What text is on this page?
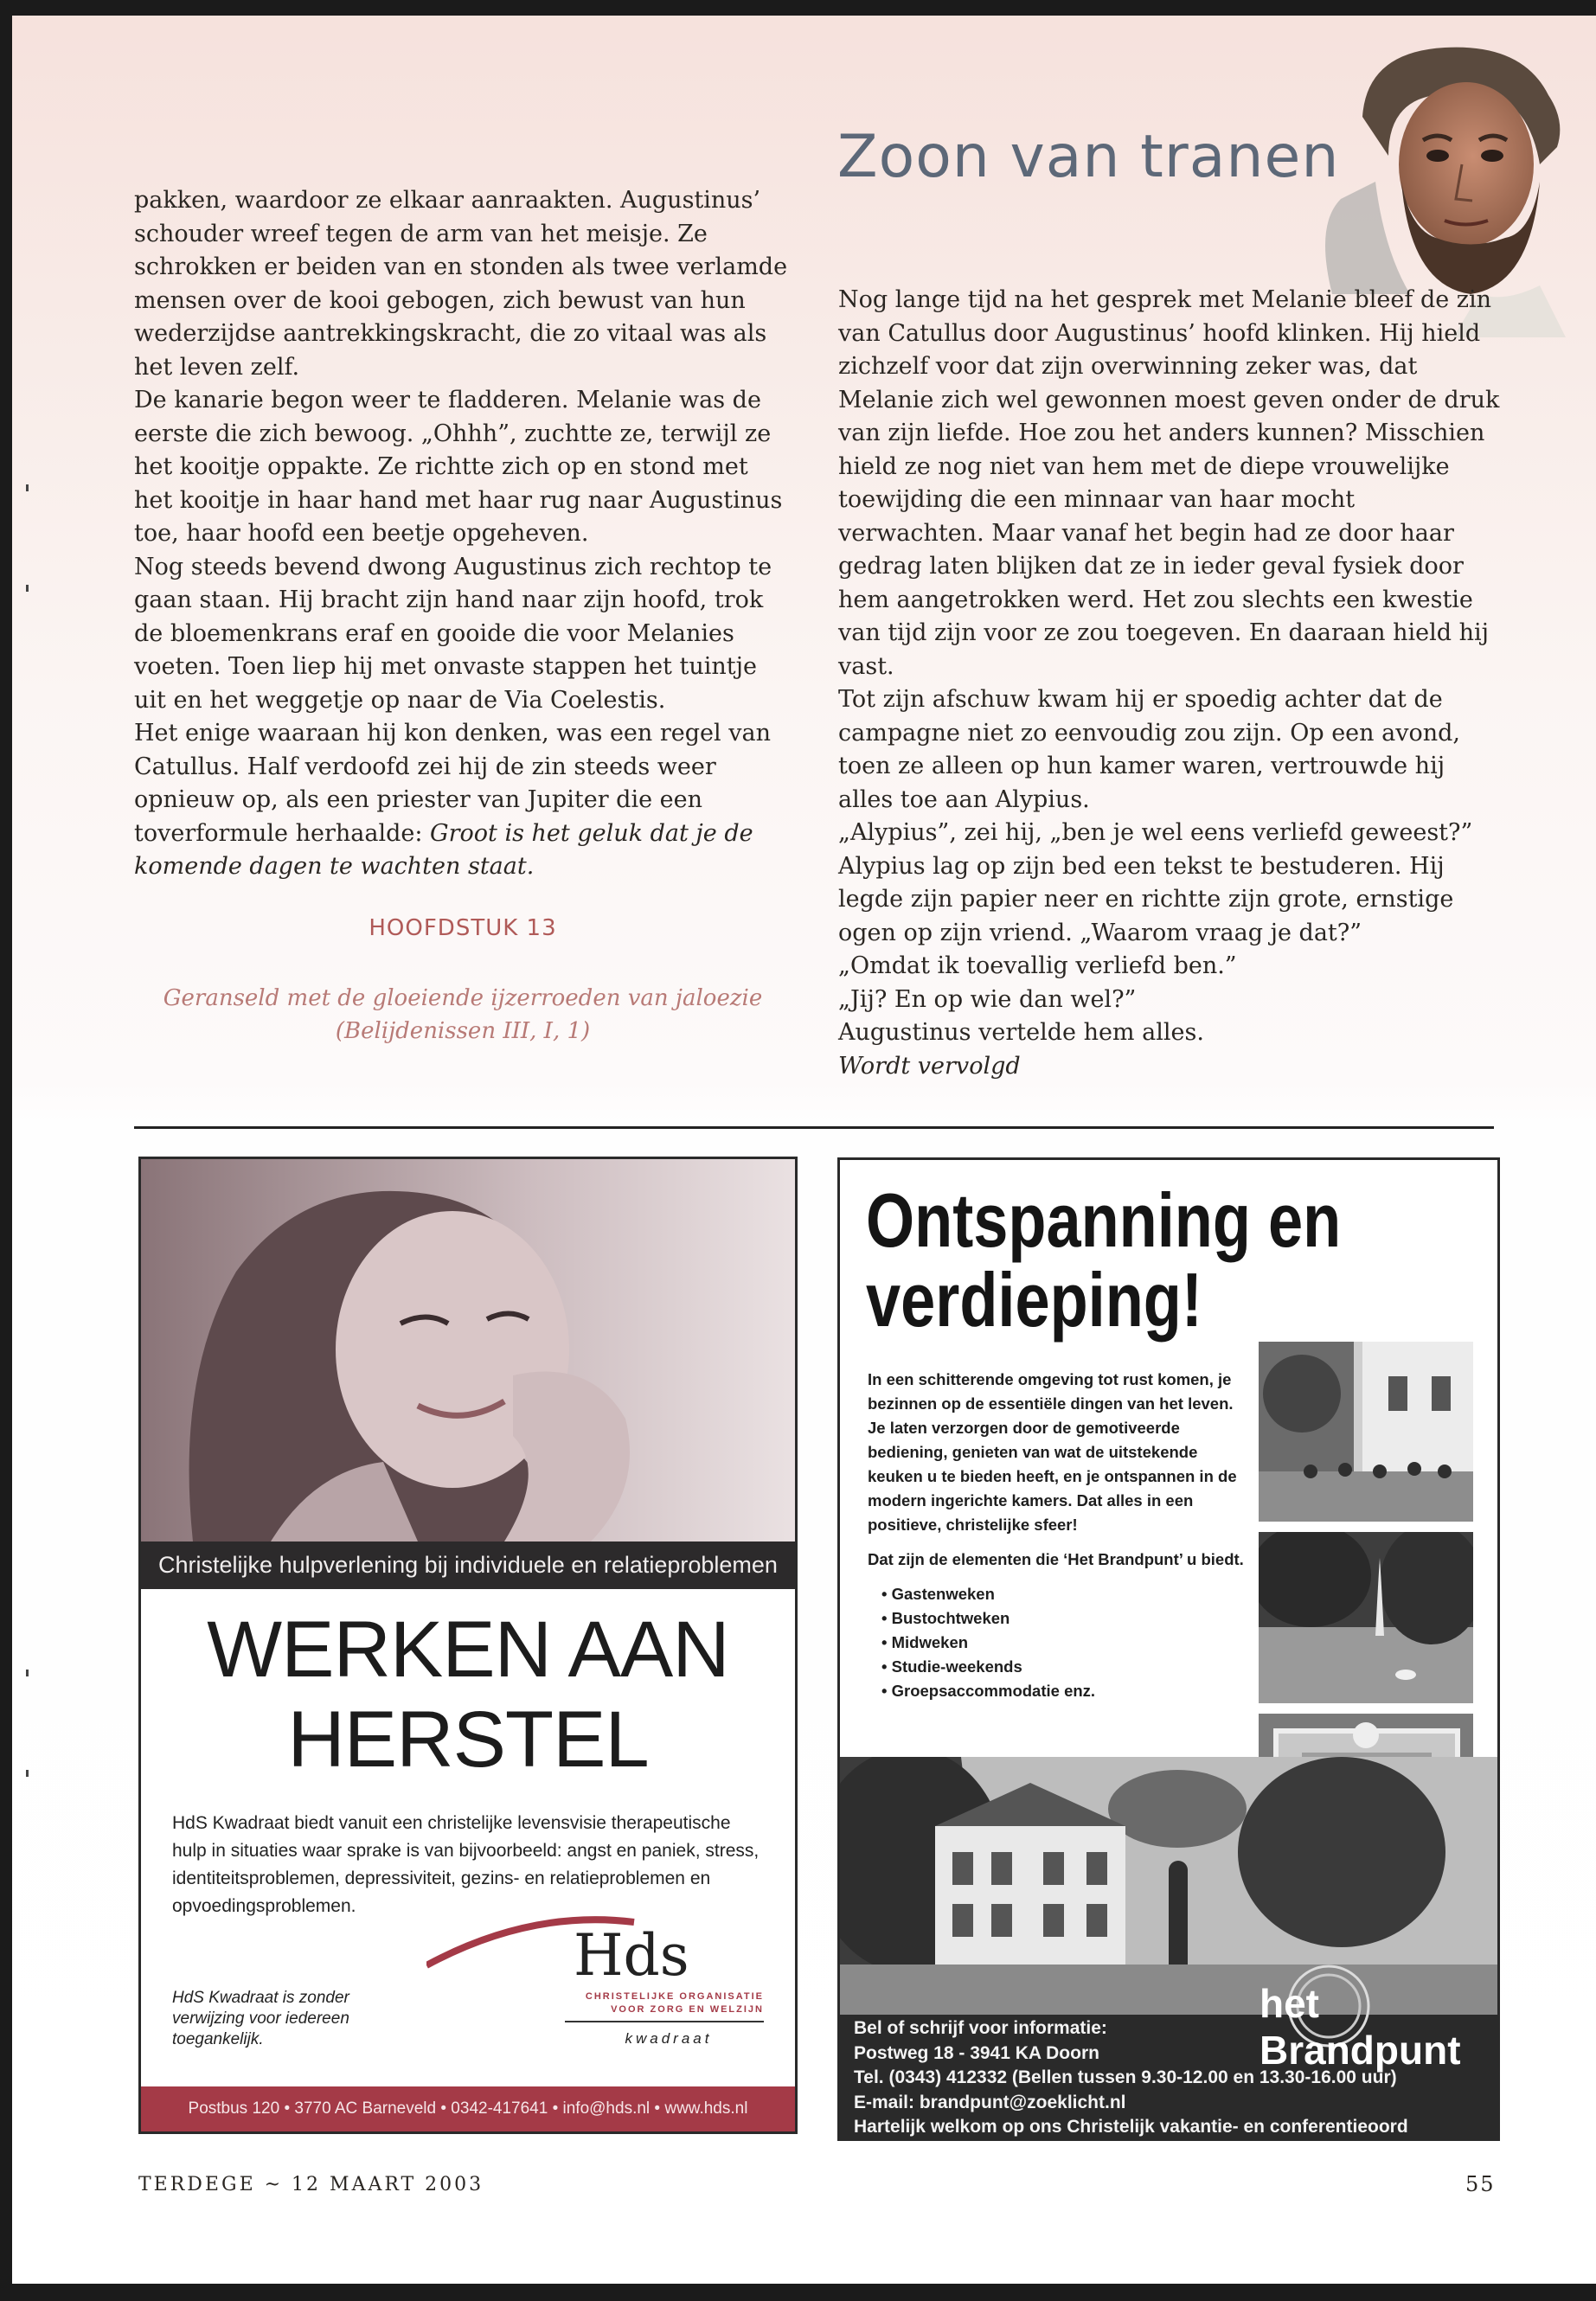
Zoon van tranen

pakken, waardoor ze elkaar aanraakten. Augustinus’ schouder wreef tegen de arm van het meisje. Ze schrokken er beiden van en stonden als twee verlamde mensen over de kooi gebogen, zich bewust van hun wederzijdse aantrekkingskracht, die zo vitaal was als het leven zelf.

De kanarie begon weer te fladderen. Melanie was de eerste die zich bewoog. „Ohhh”, zuchtte ze, terwijl ze het kooitje oppakte. Ze richtte zich op en stond met het kooitje in haar hand met haar rug naar Augustinus toe, haar hoofd een beetje opgeheven.

Nog steeds bevend dwong Augustinus zich rechtop te gaan staan. Hij bracht zijn hand naar zijn hoofd, trok de bloemenkrans eraf en gooide die voor Melanies voeten. Toen liep hij met onvaste stappen het tuintje uit en het weggetje op naar de Via Coelestis.

Het enige waaraan hij kon denken, was een regel van Catullus. Half verdoofd zei hij de zin steeds weer opnieuw op, als een priester van Jupiter die een toverformule herhaalde: Groot is het geluk dat je de komende dagen te wachten staat.

HOOFDSTUK 13
Geranseld met de gloeiende ijzerroeden van jaloezie
(Belijdenissen III, I, 1)

Nog lange tijd na het gesprek met Melanie bleef de zin van Catullus door Augustinus’ hoofd klinken. Hij hield zichzelf voor dat zijn overwinning zeker was, dat Melanie zich wel gewonnen moest geven onder de druk van zijn liefde. Hoe zou het anders kunnen? Misschien hield ze nog niet van hem met de diepe vrouwelijke toewijding die een minnaar van haar mocht verwachten. Maar vanaf het begin had ze door haar gedrag laten blijken dat ze in ieder geval fysiek door hem aangetrokken werd. Het zou slechts een kwestie van tijd zijn voor ze zou toegeven. En daaraan hield hij vast.

Tot zijn afschuw kwam hij er spoedig achter dat de campagne niet zo eenvoudig zou zijn. Op een avond, toen ze alleen op hun kamer waren, vertrouwde hij alles toe aan Alypius.

„Alypius”, zei hij, „ben je wel eens verliefd geweest?” Alypius lag op zijn bed een tekst te bestuderen. Hij legde zijn papier neer en richtte zijn grote, ernstige ogen op zijn vriend. „Waarom vraag je dat?”

„Omdat ik toevallig verliefd ben.”

„Jij? En op wie dan wel?”

Augustinus vertelde hem alles.

Wordt vervolgd

Christelijke hulpverlening bij individuele en relatieproblemen
WERKEN AAN
HERSTEL
HdS Kwadraat biedt vanuit een christelijke levensvisie therapeutische hulp in situaties waar sprake is van bijvoorbeeld: angst en paniek, stress, identiteitsproblemen, depressiviteit, gezins- en relatieproblemen en opvoedingsproblemen.
HdS Kwadraat is zonder verwijzing voor iedereen toegankelijk.
Hds
CHRISTELIJKE ORGANISATIE
VOOR ZORG EN WELZIJN
kwadraat
Postbus 120 • 3770 AC Barneveld • 0342-417641 • info@hds.nl • www.hds.nl
Ontspanning en
verdieping!

In een schitterende omgeving tot rust komen, je bezinnen op de essentiële dingen van het leven. Je laten verzorgen door de gemotiveerde bediening, genieten van wat de uitstekende keuken u te bieden heeft, en je ontspannen in de modern ingerichte kamers. Dat alles in een positieve, christelijke sfeer!

Dat zijn de elementen die ‘Het Brandpunt’ u biedt.

• Gastenweken
• Bustochtweken
• Midweken
• Studie-weekends
• Groepsaccommodatie enz.
het Brandpunt
Bel of schrijf voor informatie:
Postweg 18 - 3941 KA Doorn
Tel. (0343) 412332 (Bellen tussen 9.30-12.00 en 13.30-16.00 uur)
E-mail: brandpunt@zoeklicht.nl
Hartelijk welkom op ons Christelijk vakantie- en conferentieoord
TERDEGE ~ 12 MAART 2003	55
